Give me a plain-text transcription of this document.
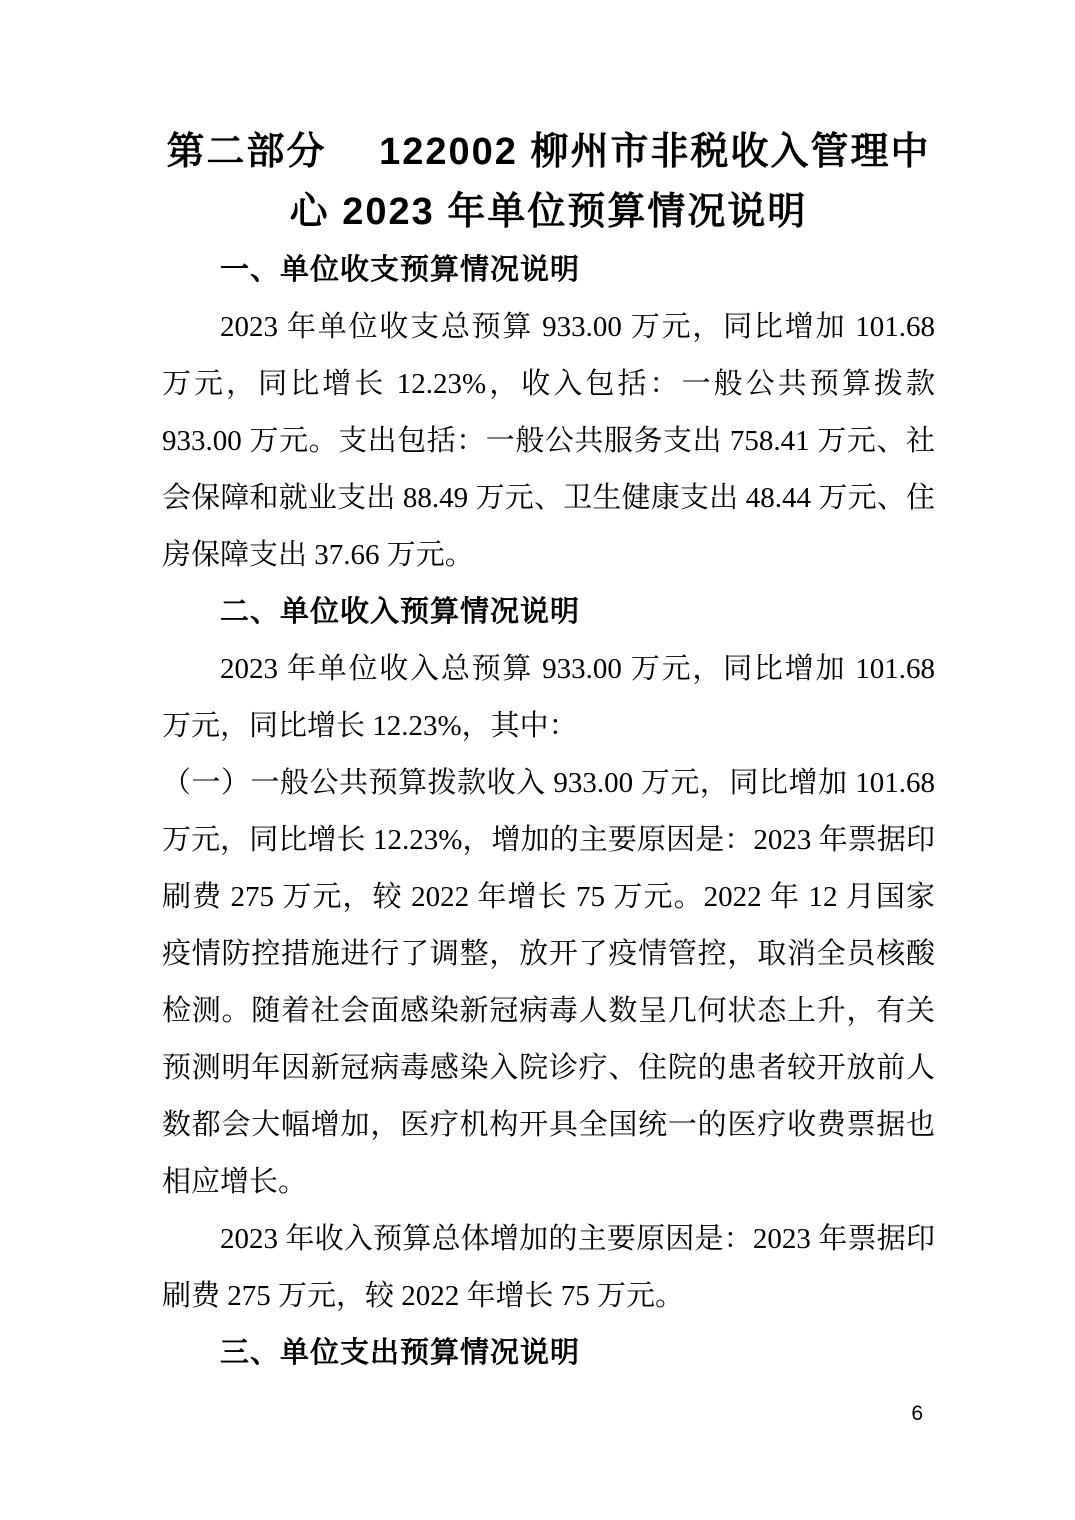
第二部分　 122002 柳州市非税收入管理中
心 2023 年单位预算情况说明
一、单位收支预算情况说明

2023 年单位收支总预算 933.00 万元，同比增加 101.68 万元，同比增长 12.23%，收入包括：一般公共预算拨款 933.00 万元。支出包括：一般公共服务支出 758.41 万元、社会保障和就业支出 88.49 万元、卫生健康支出 48.44 万元、住房保障支出 37.66 万元。

二、单位收入预算情况说明

2023 年单位收入总预算 933.00 万元，同比增加 101.68 万元，同比增长 12.23%，其中：

（一）一般公共预算拨款收入 933.00 万元，同比增加 101.68 万元，同比增长 12.23%，增加的主要原因是：2023 年票据印刷费 275 万元，较 2022 年增长 75 万元。2022 年 12 月国家疫情防控措施进行了调整，放开了疫情管控，取消全员核酸检测。随着社会面感染新冠病毒人数呈几何状态上升，有关预测明年因新冠病毒感染入院诊疗、住院的患者较开放前人数都会大幅增加，医疗机构开具全国统一的医疗收费票据也相应增长。

2023 年收入预算总体增加的主要原因是：2023 年票据印刷费 275 万元，较 2022 年增长 75 万元。

三、单位支出预算情况说明
6
